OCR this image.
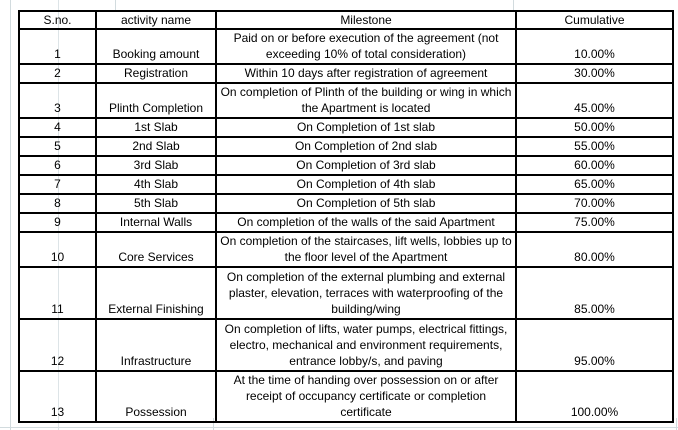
S.no.	activity name	Milestone	Cumulative
1	Booking amount	Paid on or before execution of the agreement (not exceeding 10% of total consideration)	10.00%
2	Registration	Within 10 days after registration of agreement	30.00%
3	Plinth Completion	On completion of Plinth of the building or wing in which the Apartment is located	45.00%
4	1st Slab	On Completion of 1st slab	50.00%
5	2nd Slab	On Completion of 2nd slab	55.00%
6	3rd Slab	On Completion of 3rd slab	60.00%
7	4th Slab	On Completion of 4th slab	65.00%
8	5th Slab	On Completion of 5th slab	70.00%
9	Internal Walls	On completion of the walls of the said Apartment	75.00%
10	Core Services	On completion of the staircases, lift wells, lobbies up to the floor level of the Apartment	80.00%
11	External Finishing	On completion of the external plumbing and external plaster, elevation, terraces with waterproofing of the building/wing	85.00%
12	Infrastructure	On completion of lifts, water pumps, electrical fittings, electro, mechanical and environment requirements, entrance lobby/s, and paving	95.00%
13	Possession	At the time of handing over possession on or after receipt of occupancy certificate or completion certificate	100.00%
